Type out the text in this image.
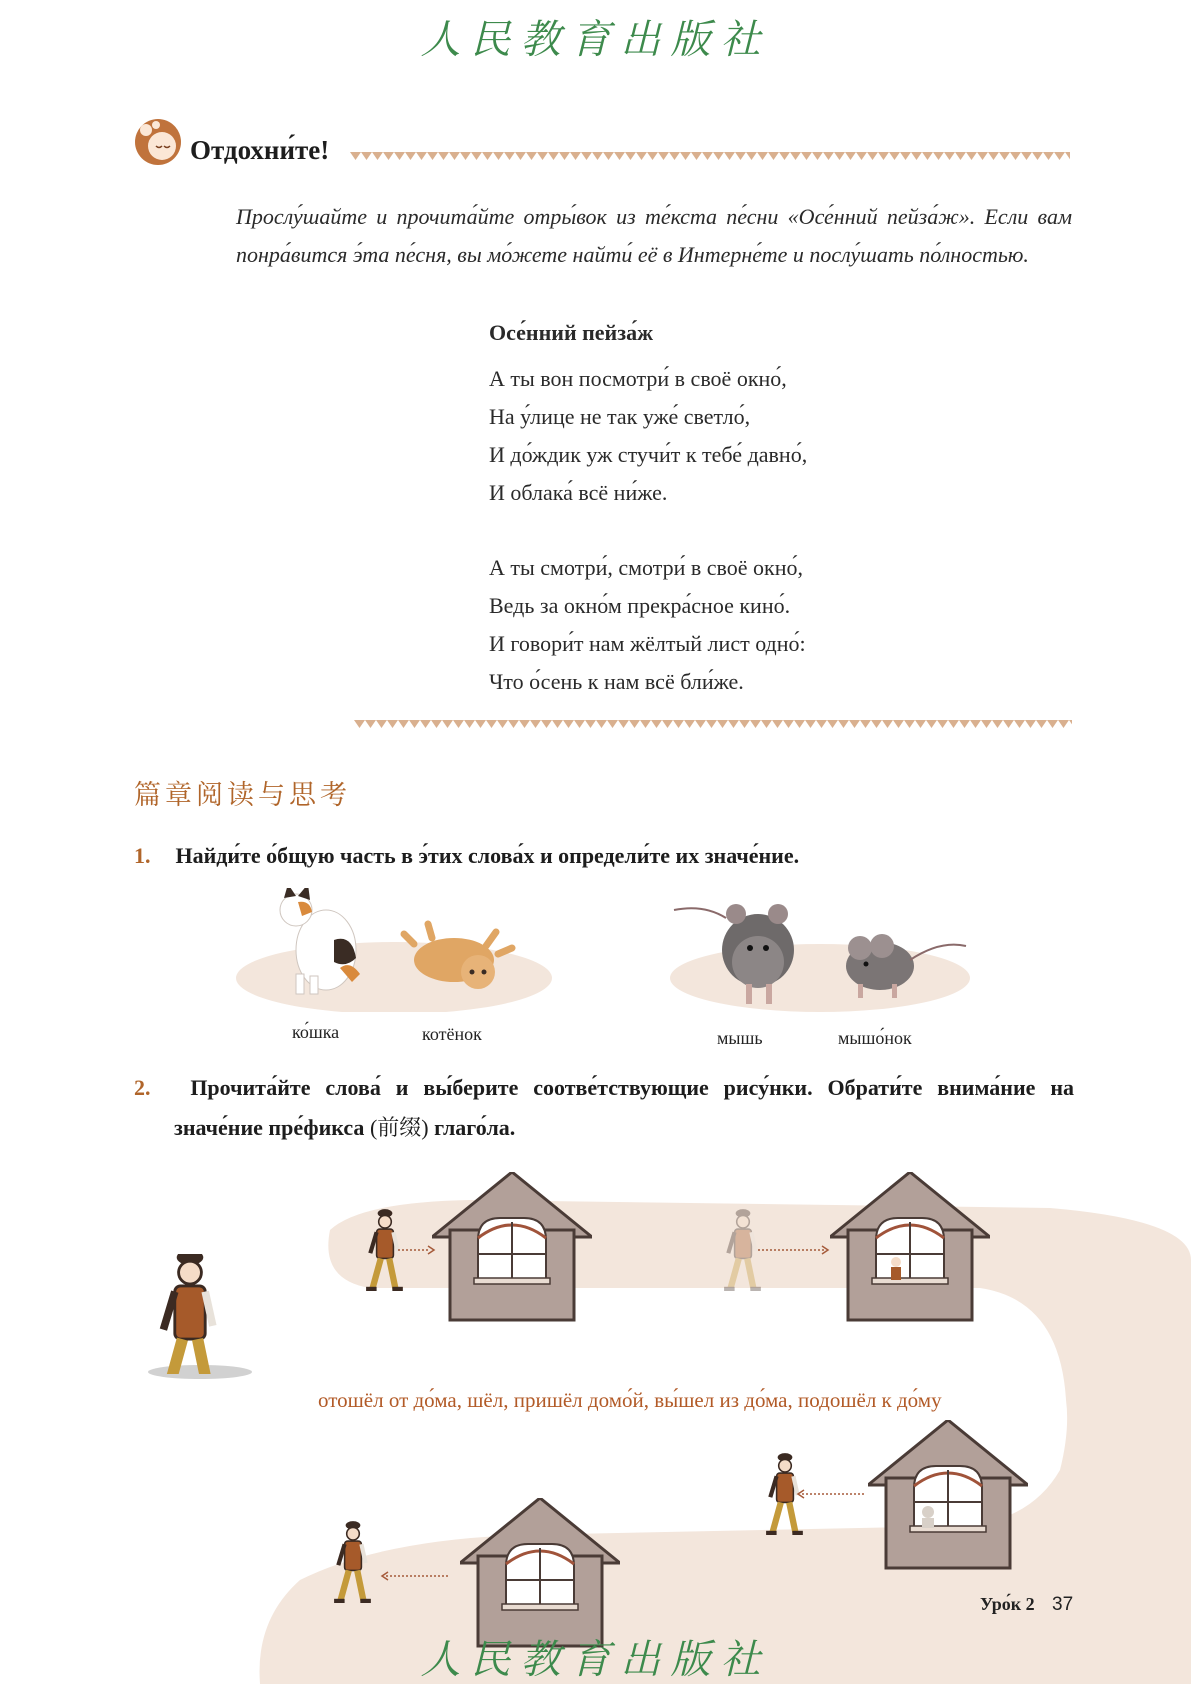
人民教育出版社
Отдохни́те!
Прослу́шайте и прочита́йте отры́вок из те́кста пе́сни «Осе́нний пейза́ж». Если вам понра́вится э́та пе́сня, вы мо́жете найти́ её в Интерне́те и послу́шать по́лностью.
Осе́нний пейза́ж
А ты вон посмотри́ в своё окно́,
На у́лице не так уже́ светло́,
И до́ждик уж стучи́т к тебе́ давно́,
И облака́ всё ни́же.
А ты смотри́, смотри́ в своё окно́,
Ведь за окно́м прекра́сное кино́.
И говори́т нам жёлтый лист одно́:
Что о́сень к нам всё бли́же.
篇章阅读与思考
1. Найди́те о́бщую часть в э́тих слова́х и определи́те их значе́ние.
ко́шка	котёнок	мышь	мышо́нок
2. Прочита́йте слова́ и вы́берите соотве́тствующие рису́нки. Обрати́те внима́ние на
значе́ние пре́фикса (前缀) глаго́ла.
отошёл от до́ма, шёл, пришёл домо́й, вы́шел из до́ма, подошёл к до́му
Уро́к 2 37
人民教育出版社
